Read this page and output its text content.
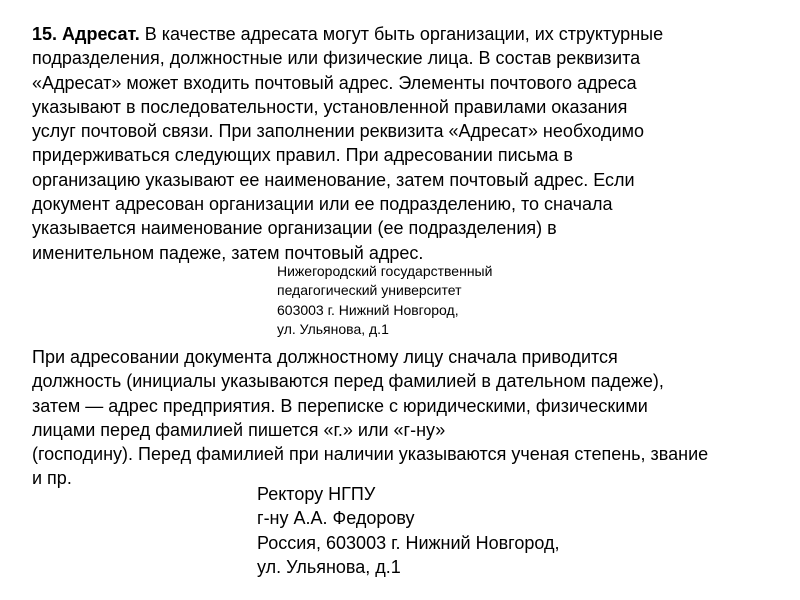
15. Адресат. В качестве адресата могут быть организации, их структурные
подразделения, должностные или физические лица. В состав реквизита
«Адресат» может входить почтовый адрес. Элементы почтового адреса
указывают в последовательности, установленной правилами оказания
услуг почтовой связи. При заполнении реквизита «Адресат» необходимо
придерживаться следующих правил. При адресовании письма в
организацию указывают ее наименование, затем почтовый адрес. Если
документ адресован организации или ее подразделению, то сначала
указывается наименование организации (ее подразделения) в
именительном падеже, затем почтовый адрес.
Нижегородский государственный
педагогический университет
603003 г. Нижний Новгород,
ул. Ульянова, д.1
При адресовании документа должностному лицу сначала приводится
должность (инициалы указываются перед фамилией в дательном падеже),
затем — адрес предприятия. В переписке с юридическими, физическими
лицами перед фамилией пишется «г.» или «г-ну»
(господину). Перед фамилией при наличии указываются ученая степень, звание
и пр.
Ректору НГПУ
г-ну А.А. Федорову
Россия, 603003 г. Нижний Новгород,
ул. Ульянова, д.1
